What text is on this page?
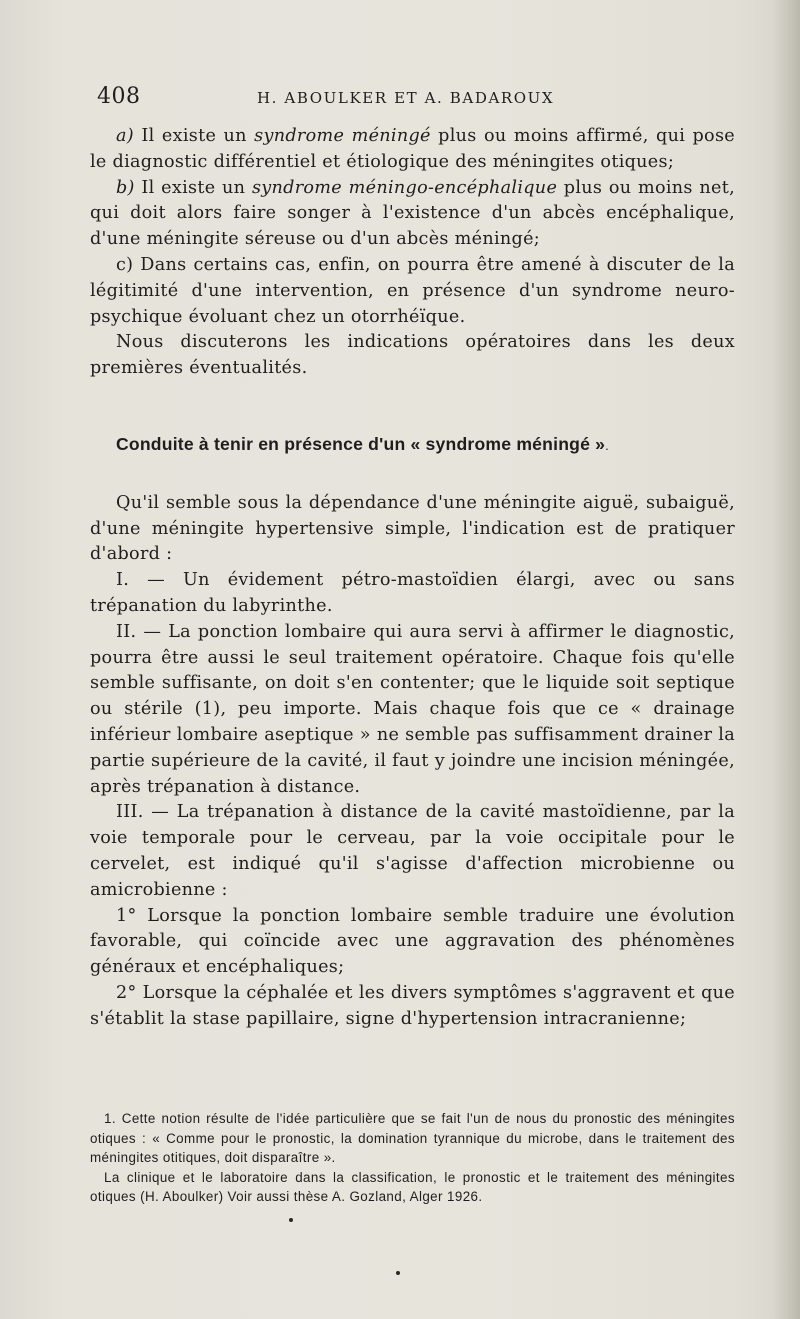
408	H. ABOULKER ET A. BADAROUX

a) Il existe un syndrome méningé plus ou moins affirmé, qui pose le diagnostic différentiel et étiologique des méningites otiques;

b) Il existe un syndrome méningo-encéphalique plus ou moins net, qui doit alors faire songer à l'existence d'un abcès encéphalique, d'une méningite séreuse ou d'un abcès méningé;

c) Dans certains cas, enfin, on pourra être amené à discuter de la légitimité d'une intervention, en présence d'un syndrome neuro-psychique évoluant chez un otorrhéïque.

Nous discuterons les indications opératoires dans les deux premières éventualités.

Conduite à tenir en présence d'un « syndrome méningé ».

Qu'il semble sous la dépendance d'une méningite aiguë, subaiguë, d'une méningite hypertensive simple, l'indication est de pratiquer d'abord :

I. — Un évidement pétro-mastoïdien élargi, avec ou sans trépanation du labyrinthe.

II. — La ponction lombaire qui aura servi à affirmer le diagnostic, pourra être aussi le seul traitement opératoire. Chaque fois qu'elle semble suffisante, on doit s'en contenter; que le liquide soit septique ou stérile (1), peu importe. Mais chaque fois que ce « drainage inférieur lombaire aseptique » ne semble pas suffisamment drainer la partie supérieure de la cavité, il faut y joindre une incision méningée, après trépanation à distance.

III. — La trépanation à distance de la cavité mastoïdienne, par la voie temporale pour le cerveau, par la voie occipitale pour le cervelet, est indiqué qu'il s'agisse d'affection microbienne ou amicrobienne :

1° Lorsque la ponction lombaire semble traduire une évolution favorable, qui coïncide avec une aggravation des phénomènes généraux et encéphaliques;

2° Lorsque la céphalée et les divers symptômes s'aggravent et que s'établit la stase papillaire, signe d'hypertension intracranienne;

1. Cette notion résulte de l'idée particulière que se fait l'un de nous du pronostic des méningites otiques : « Comme pour le pronostic, la domination tyrannique du microbe, dans le traitement des méningites otitiques, doit disparaître ».

La clinique et le laboratoire dans la classification, le pronostic et le traitement des méningites otiques (H. Aboulker) Voir aussi thèse A. Gozland, Alger 1926.
